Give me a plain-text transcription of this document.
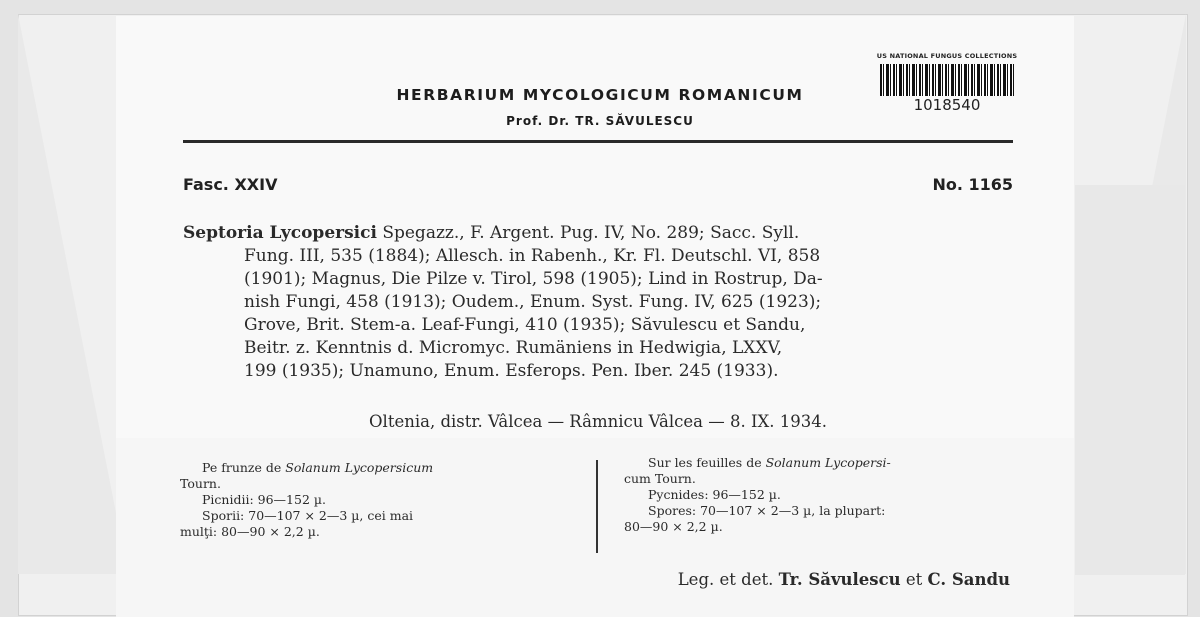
HERBARIUM MYCOLOGICUM ROMANICUM
Prof. Dr. TR. SĂVULESCU
US NATIONAL FUNGUS COLLECTIONS
1018540
Fasc. XXIV	No. 1165
Septoria Lycopersici Spegazz., F. Argent. Pug. IV, No. 289; Sacc. Syll.
Fung. III, 535 (1884); Allesch. in Rabenh., Kr. Fl. Deutschl. VI, 858
(1901); Magnus, Die Pilze v. Tirol, 598 (1905); Lind in Rostrup, Da-
nish Fungi, 458 (1913); Oudem., Enum. Syst. Fung. IV, 625 (1923);
Grove, Brit. Stem-a. Leaf-Fungi, 410 (1935); Săvulescu et Sandu,
Beitr. z. Kenntnis d. Micromyc. Rumäniens in Hedwigia, LXXV,
199 (1935); Unamuno, Enum. Esferops. Pen. Iber. 245 (1933).
Oltenia, distr. Vâlcea — Râmnicu Vâlcea — 8. IX. 1934.
Pe frunze de Solanum Lycopersicum
Tourn.
Picnidii: 96—152 µ.
Sporii: 70—107 × 2—3 µ, cei mai
mulţi: 80—90 × 2,2 µ.
Sur les feuilles de Solanum Lycopersi-
cum Tourn.
Pycnides: 96—152 µ.
Spores: 70—107 × 2—3 µ, la plupart:
80—90 × 2,2 µ.
Leg. et det. Tr. Săvulescu et C. Sandu
